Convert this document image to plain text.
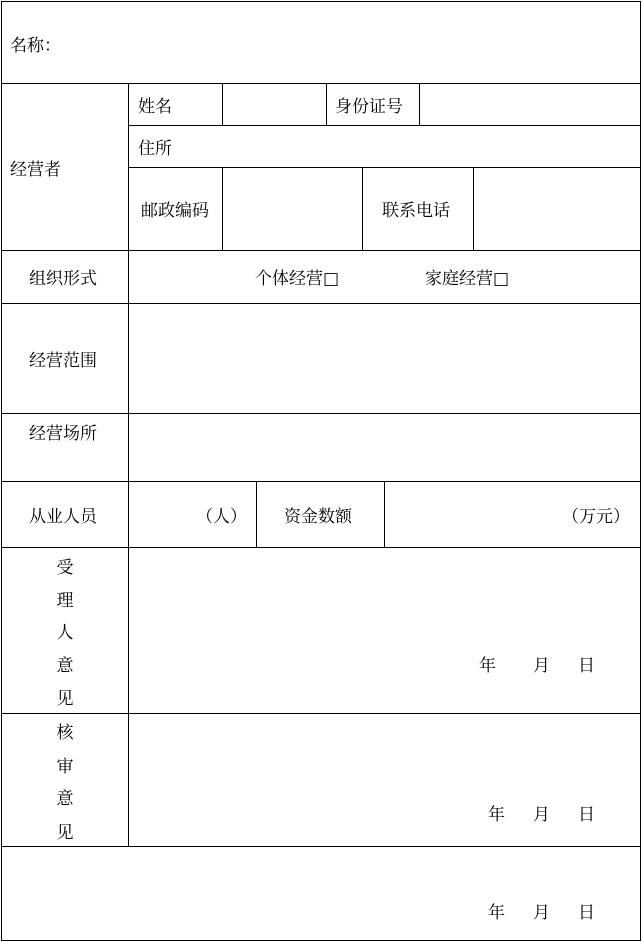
名称：
经营者
姓名	身份证号
住所
邮政编码	联系电话
组织形式	个体经营□	家庭经营□
经营范围
经营场所
从业人员	（人） 资金数额	（万元）
受
理
人
意
见
年 月 日
核
审
意
见
年 月 日
年 月 日
